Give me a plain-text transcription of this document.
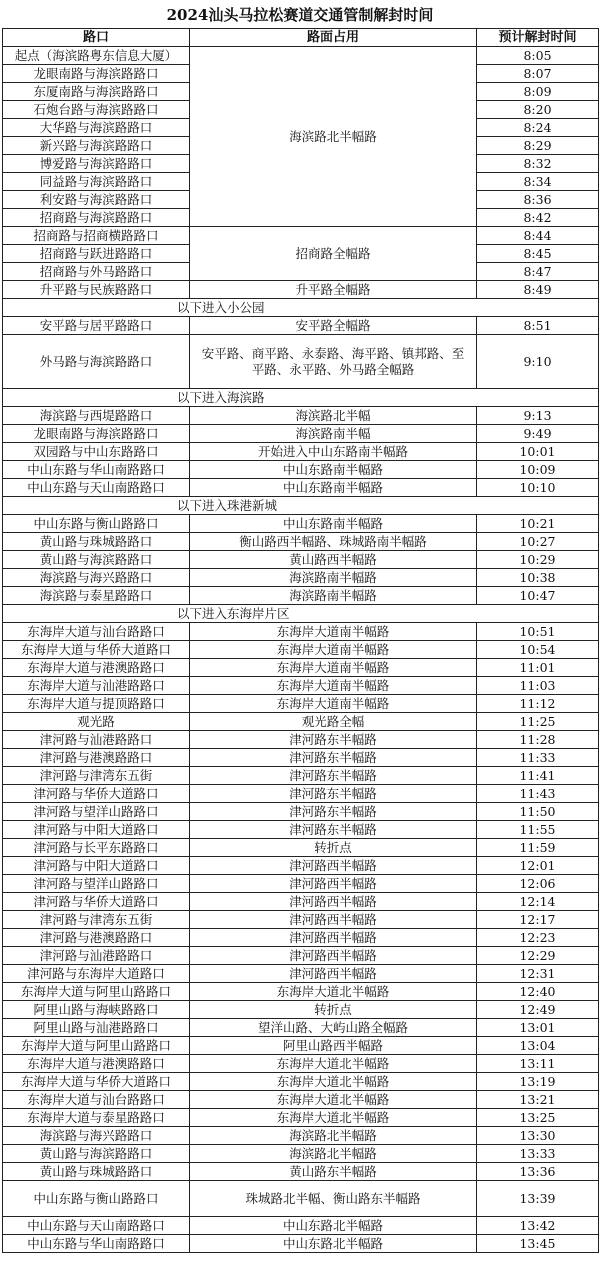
2024汕头马拉松赛道交通管制解封时间
路口	路面占用	预计解封时间
起点（海滨路粤东信息大厦）	海滨路北半幅路	8:05
龙眼南路与海滨路路口		8:07
东厦南路与海滨路路口		8:09
石炮台路与海滨路路口		8:20
大华路与海滨路路口		8:24
新兴路与海滨路路口		8:29
博爱路与海滨路路口		8:32
同益路与海滨路路口		8:34
利安路与海滨路路口		8:36
招商路与海滨路路口		8:42
招商路与招商横路路口	招商路全幅路	8:44
招商路与跃进路路口		8:45
招商路与外马路路口		8:47
升平路与民族路路口	升平路全幅路	8:49
以下进入小公园		
安平路与居平路路口	安平路全幅路	8:51
外马路与海滨路路口	安平路、商平路、永泰路、海平路、镇邦路、至平路、永平路、外马路全幅路	9:10
以下进入海滨路		
海滨路与西堤路路口	海滨路北半幅	9:13
龙眼南路与海滨路路口	海滨路南半幅	9:49
双园路与中山东路路口	开始进入中山东路南半幅路	10:01
中山东路与华山南路路口	中山东路南半幅路	10:09
中山东路与天山南路路口	中山东路南半幅路	10:10
以下进入珠港新城		
中山东路与衡山路路口	中山东路南半幅路	10:21
黄山路与珠城路路口	衡山路西半幅路、珠城路南半幅路	10:27
黄山路与海滨路路口	黄山路西半幅路	10:29
海滨路与海兴路路口	海滨路南半幅路	10:38
海滨路与泰星路路口	海滨路南半幅路	10:47
以下进入东海岸片区		
东海岸大道与汕台路路口	东海岸大道南半幅路	10:51
东海岸大道与华侨大道路口	东海岸大道南半幅路	10:54
东海岸大道与港澳路路口	东海岸大道南半幅路	11:01
东海岸大道与汕港路路口	东海岸大道南半幅路	11:03
东海岸大道与提顶路路口	东海岸大道南半幅路	11:12
观光路	观光路全幅	11:25
津河路与汕港路路口	津河路东半幅路	11:28
津河路与港澳路路口	津河路东半幅路	11:33
津河路与津湾东五街	津河路东半幅路	11:41
津河路与华侨大道路口	津河路东半幅路	11:43
津河路与望洋山路路口	津河路东半幅路	11:50
津河路与中阳大道路口	津河路东半幅路	11:55
津河路与长平东路路口	转折点	11:59
津河路与中阳大道路口	津河路西半幅路	12:01
津河路与望洋山路路口	津河路西半幅路	12:06
津河路与华侨大道路口	津河路西半幅路	12:14
津河路与津湾东五街	津河路西半幅路	12:17
津河路与港澳路路口	津河路西半幅路	12:23
津河路与汕港路路口	津河路西半幅路	12:29
津河路与东海岸大道路口	津河路西半幅路	12:31
东海岸大道与阿里山路路口	东海岸大道北半幅路	12:40
阿里山路与海峡路路口	转折点	12:49
阿里山路与汕港路路口	望洋山路、大屿山路全幅路	13:01
东海岸大道与阿里山路路口	阿里山路西半幅路	13:04
东海岸大道与港澳路路口	东海岸大道北半幅路	13:11
东海岸大道与华侨大道路口	东海岸大道北半幅路	13:19
东海岸大道与汕台路路口	东海岸大道北半幅路	13:21
东海岸大道与泰星路路口	东海岸大道北半幅路	13:25
海滨路与海兴路路口	海滨路北半幅路	13:30
黄山路与海滨路路口	海滨路北半幅路	13:33
黄山路与珠城路路口	黄山路东半幅路	13:36
中山东路与衡山路路口	珠城路北半幅、衡山路东半幅路	13:39
中山东路与天山南路路口	中山东路北半幅路	13:42
中山东路与华山南路路口	中山东路北半幅路	13:45
